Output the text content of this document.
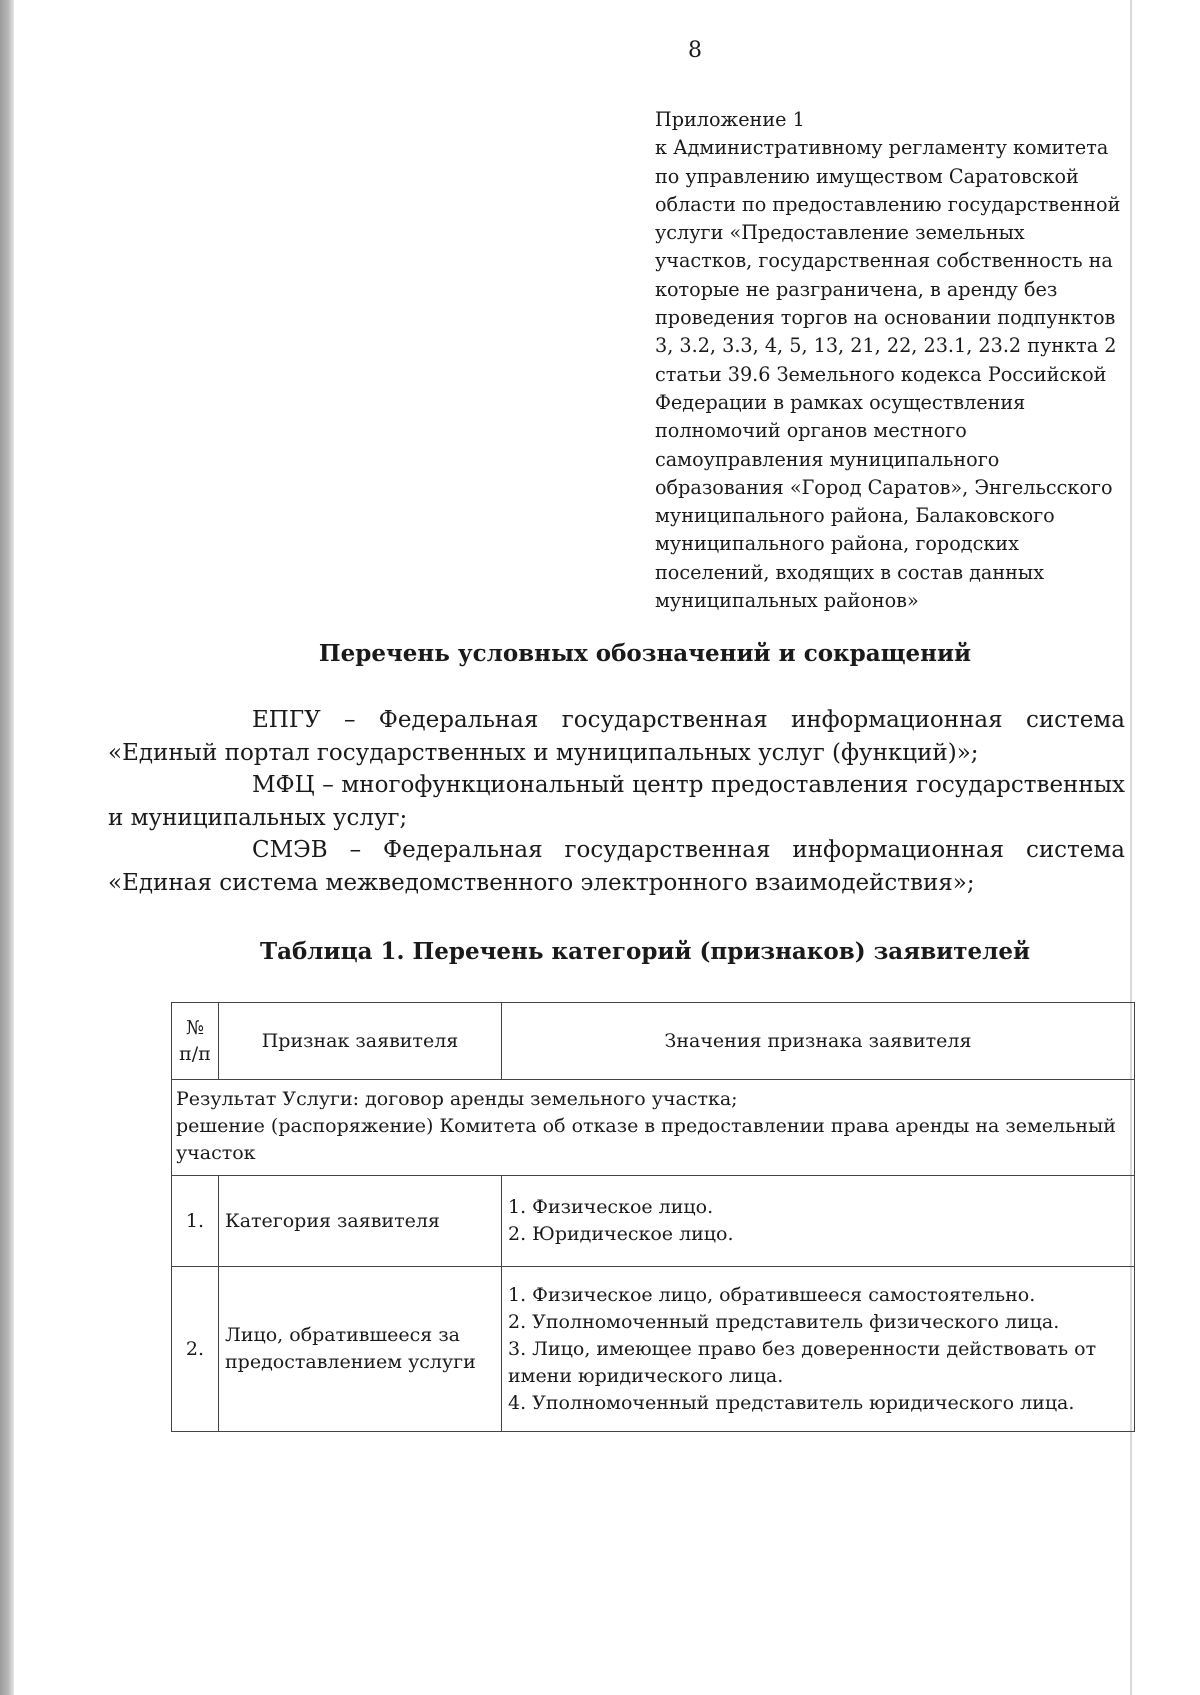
8
Приложение 1
к Административному регламенту комитета
по управлению имуществом Саратовской
области по предоставлению государственной
услуги «Предоставление земельных
участков, государственная собственность на
которые не разграничена, в аренду без
проведения торгов на основании подпунктов
3, 3.2, 3.3, 4, 5, 13, 21, 22, 23.1, 23.2 пункта 2
статьи 39.6 Земельного кодекса Российской
Федерации в рамках осуществления
полномочий органов местного
самоуправления муниципального
образования «Город Саратов», Энгельсского
муниципального района, Балаковского
муниципального района, городских
поселений, входящих в состав данных
муниципальных районов»
Перечень условных обозначений и сокращений

ЕПГУ – Федеральная государственная информационная система
«Единый портал государственных и муниципальных услуг (функций)»;

МФЦ – многофункциональный центр предоставления государственных
и муниципальных услуг;

СМЭВ – Федеральная государственная информационная система
«Единая система межведомственного электронного взаимодействия»;

Таблица 1. Перечень категорий (признаков) заявителей
№
п/п	Признак заявителя	Значения признака заявителя

Результат Услуги: договор аренды земельного участка;
решение (распоряжение) Комитета об отказе в предоставлении права аренды на земельный
участок		

1.	Категория заявителя	1. Физическое лицо.
2. Юридическое лицо.

2.	Лицо, обратившееся за предоставлением услуги	1. Физическое лицо, обратившееся самостоятельно.
2. Уполномоченный представитель физического лица.
3. Лицо, имеющее право без доверенности действовать от имени юридического лица.
4. Уполномоченный представитель юридического лица.
